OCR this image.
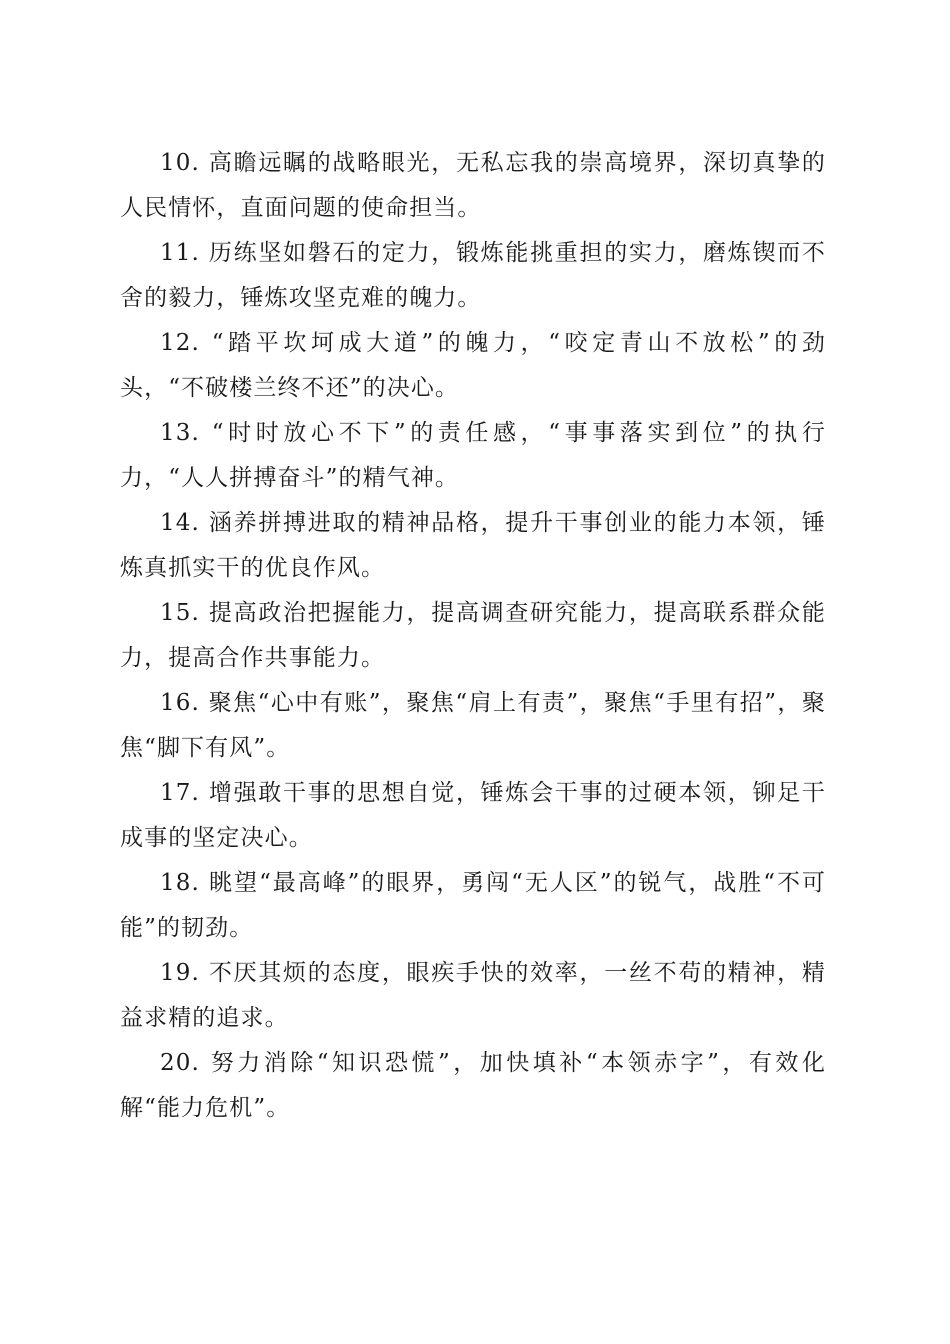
10. 高瞻远瞩的战略眼光，无私忘我的崇高境界，深切真挚的人民情怀，直面问题的使命担当。

11. 历练坚如磐石的定力，锻炼能挑重担的实力，磨炼锲而不舍的毅力，锤炼攻坚克难的魄力。

12. “踏平坎坷成大道”的魄力，“咬定青山不放松”的劲头，“不破楼兰终不还”的决心。

13. “时时放心不下”的责任感，“事事落实到位”的执行力，“人人拼搏奋斗”的精气神。

14. 涵养拼搏进取的精神品格，提升干事创业的能力本领，锤炼真抓实干的优良作风。

15. 提高政治把握能力，提高调查研究能力，提高联系群众能力，提高合作共事能力。

16. 聚焦“心中有账”，聚焦“肩上有责”，聚焦“手里有招”，聚焦“脚下有风”。

17. 增强敢干事的思想自觉，锤炼会干事的过硬本领，铆足干成事的坚定决心。

18. 眺望“最高峰”的眼界，勇闯“无人区”的锐气，战胜“不可能”的韧劲。

19. 不厌其烦的态度，眼疾手快的效率，一丝不苟的精神，精益求精的追求。

20. 努力消除“知识恐慌”，加快填补“本领赤字”，有效化解“能力危机”。
